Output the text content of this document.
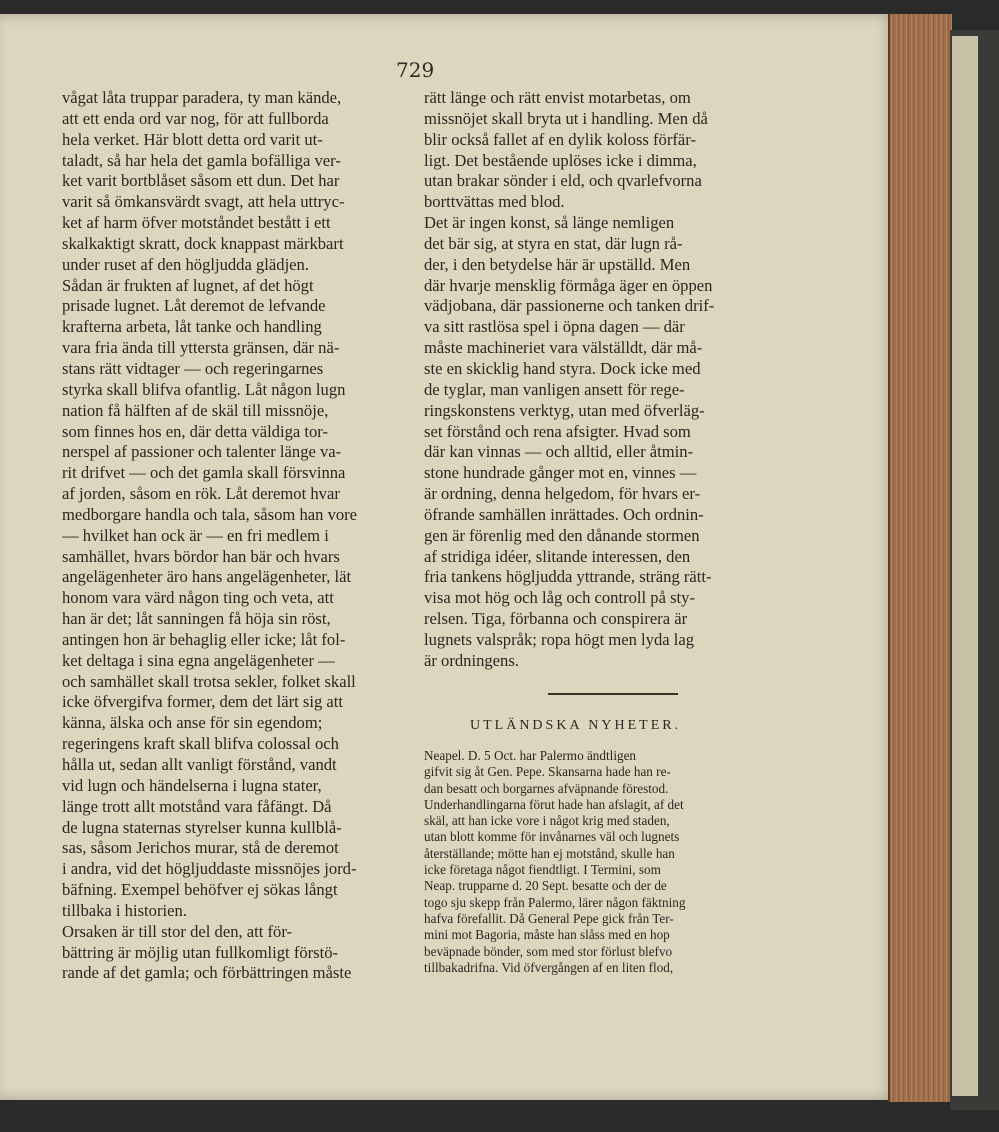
729
vågat låta truppar paradera, ty man kände,
att ett enda ord var nog, för att fullborda
hela verket. Här blott detta ord varit ut-
taladt, så har hela det gamla bofälliga ver-
ket varit bortblåset såsom ett dun. Det har
varit så ömkansvärdt svagt, att hela uttryc-
ket af harm öfver motståndet bestått i ett
skalkaktigt skratt, dock knappast märkbart
under ruset af den högljudda glädjen.
Sådan är frukten af lugnet, af det högt
prisade lugnet. Låt deremot de lefvande
krafterna arbeta, låt tanke och handling
vara fria ända till yttersta gränsen, där nä-
stans rätt vidtager — och regeringarnes
styrka skall blifva ofantlig. Låt någon lugn
nation få hälften af de skäl till missnöje,
som finnes hos en, där detta väldiga tor-
nerspel af passioner och talenter länge va-
rit drifvet — och det gamla skall försvinna
af jorden, såsom en rök. Låt deremot hvar
medborgare handla och tala, såsom han vore
— hvilket han ock är — en fri medlem i
samhället, hvars bördor han bär och hvars
angelägenheter äro hans angelägenheter, lät
honom vara värd någon ting och veta, att
han är det; låt sanningen få höja sin röst,
antingen hon är behaglig eller icke; låt fol-
ket deltaga i sina egna angelägenheter —
och samhället skall trotsa sekler, folket skall
icke öfvergifva former, dem det lärt sig att
känna, älska och anse för sin egendom;
regeringens kraft skall blifva colossal och
hålla ut, sedan allt vanligt förstånd, vandt
vid lugn och händelserna i lugna stater,
länge trott allt motstånd vara fåfängt. Då
de lugna staternas styrelser kunna kullblå-
sas, såsom Jerichos murar, stå de deremot
i andra, vid det högljuddaste missnöjes jord-
bäfning. Exempel behöfver ej sökas långt
tillbaka i historien.
Orsaken är till stor del den, att för-
bättring är möjlig utan fullkomligt förstö-
rande af det gamla; och förbättringen måste
rätt länge och rätt envist motarbetas, om
missnöjet skall bryta ut i handling. Men då
blir också fallet af en dylik koloss förfär-
ligt. Det bestående uplöses icke i dimma,
utan brakar sönder i eld, och qvarlefvorna
borttvättas med blod.
Det är ingen konst, så länge nemligen
det bär sig, at styra en stat, där lugn rå-
der, i den betydelse här är upställd. Men
där hvarje mensklig förmåga äger en öppen
vädjobana, där passionerne och tanken drif-
va sitt rastlösa spel i öpna dagen — där
måste machineriet vara välställdt, där må-
ste en skicklig hand styra. Dock icke med
de tyglar, man vanligen ansett för rege-
ringskonstens verktyg, utan med öfverläg-
set förstånd och rena afsigter. Hvad som
där kan vinnas — och alltid, eller åtmin-
stone hundrade gånger mot en, vinnes —
är ordning, denna helgedom, för hvars er-
öfrande samhällen inrättades. Och ordnin-
gen är förenlig med den dånande stormen
af stridiga idéer, slitande interessen, den
fria tankens högljudda yttrande, sträng rätt-
visa mot hög och låg och controll på sty-
relsen. Tiga, förbanna och conspirera är
lugnets valspråk; ropa högt men lyda lag
är ordningens.
UTLÄNDSKA NYHETER.
Neapel. D. 5 Oct. har Palermo ändtligen
gifvit sig åt Gen. Pepe. Skansarna hade han re-
dan besatt och borgarnes afväpnande förestod.
Underhandlingarna förut hade han afslagit, af det
skäl, att han icke vore i något krig med staden,
utan blott komme för invånarnes väl och lugnets
återställande; mötte han ej motstånd, skulle han
icke företaga något fiendtligt. I Termini, som
Neap. trupparne d. 20 Sept. besatte och der de
togo sju skepp från Palermo, lärer någon fäktning
hafva förefallit. Då General Pepe gick från Ter-
mini mot Bagoria, måste han slåss med en hop
beväpnade bönder, som med stor förlust blefvo
tillbakadrifna. Vid öfvergången af en liten flod,
